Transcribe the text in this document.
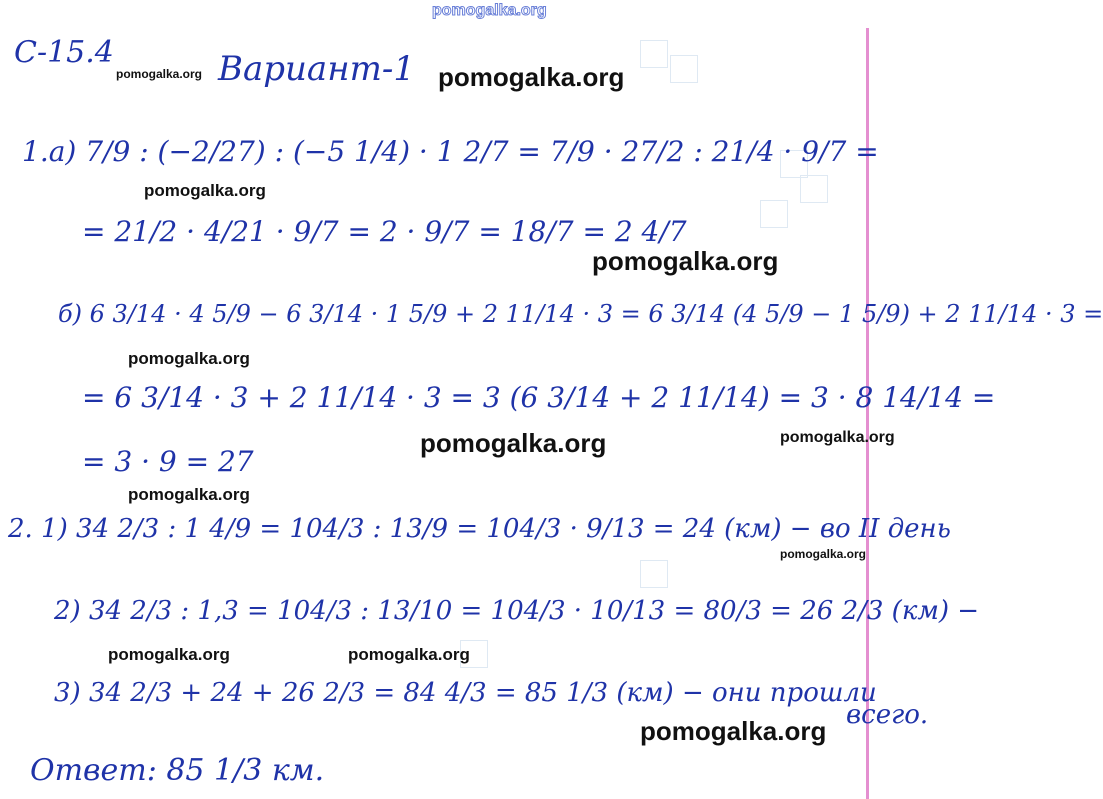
pomogalka.org
С-15.4	Вариант-1
1.а) 7/9 : (−2/27) : (−5 1/4) · 1 2/7 = 7/9 · 27/2 : 21/4 · 9/7 =
= 21/2 · 4/21 · 9/7 = 2 · 9/7 = 18/7 = 2 4/7
б) 6 3/14 · 4 5/9 − 6 3/14 · 1 5/9 + 2 11/14 · 3 = 6 3/14 (4 5/9 − 1 5/9) + 2 11/14 · 3 =
= 6 3/14 · 3 + 2 11/14 · 3 = 3 (6 3/14 + 2 11/14) = 3 · 8 14/14 =
= 3 · 9 = 27
2. 1) 34 2/3 : 1 4/9 = 104/3 : 13/9 = 104/3 · 9/13 = 24 (км) − во II день
2) 34 2/3 : 1,3 = 104/3 : 13/10 = 104/3 · 10/13 = 80/3 = 26 2/3 (км) −
3) 34 2/3 + 24 + 26 2/3 = 84 4/3 = 85 1/3 (км) − они прошли
всего.
Ответ: 85 1/3 км.
pomogalka.org	pomogalka.org
pomogalka.org
pomogalka.org
pomogalka.org
pomogalka.org	pomogalka.org
pomogalka.org
pomogalka.org
pomogalka.org	pomogalka.org
pomogalka.org
